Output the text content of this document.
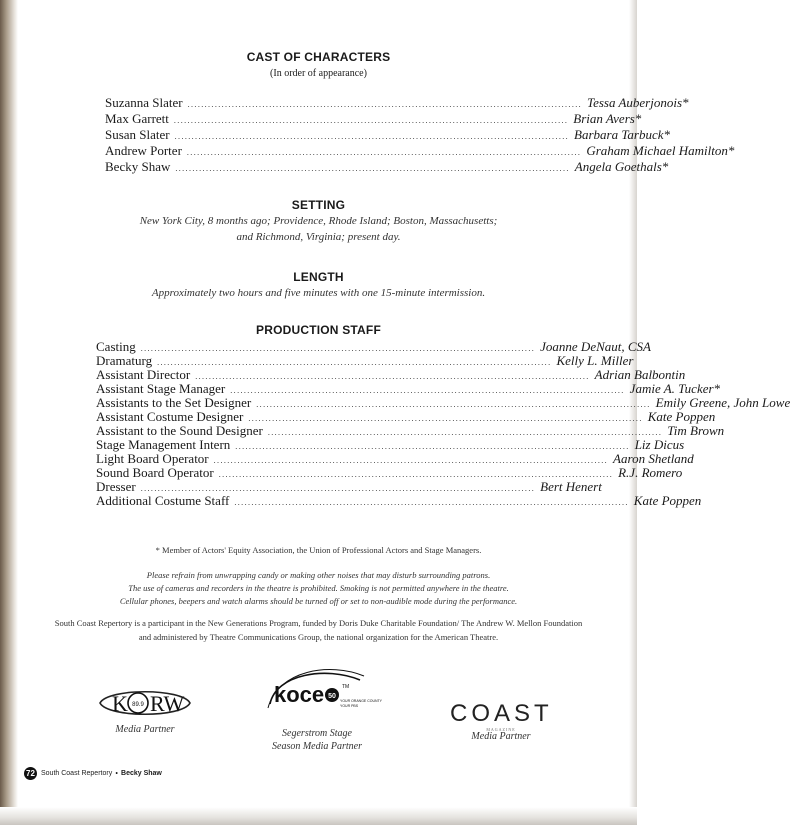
CAST OF CHARACTERS
(In order of appearance)
Suzanna Slater .................................................................................................................... Tessa Auberjonois*
Max Garrett .................................................................................................................... Brian Avers*
Susan Slater .................................................................................................................... Barbara Tarbuck*
Andrew Porter .................................................................................................................... Graham Michael Hamilton*
Becky Shaw .................................................................................................................... Angela Goethals*
SETTING
New York City, 8 months ago; Providence, Rhode Island; Boston, Massachusetts;
and Richmond, Virginia; present day.
LENGTH
Approximately two hours and five minutes with one 15-minute intermission.
PRODUCTION STAFF
Casting .................................................................................................................... Joanne DeNaut, CSA
Dramaturg .................................................................................................................... Kelly L. Miller
Assistant Director .................................................................................................................... Adrian Balbontin
Assistant Stage Manager .................................................................................................................... Jamie A. Tucker*
Assistants to the Set Designer .................................................................................................................... Emily Greene, John Lowe
Assistant Costume Designer .................................................................................................................... Kate Poppen
Assistant to the Sound Designer .................................................................................................................... Tim Brown
Stage Management Intern .................................................................................................................... Liz Dicus
Light Board Operator .................................................................................................................... Aaron Shetland
Sound Board Operator .................................................................................................................... R.J. Romero
Dresser .................................................................................................................... Bert Henert
Additional Costume Staff .................................................................................................................... Kate Poppen
* Member of Actors' Equity Association, the Union of Professional Actors and Stage Managers.
Please refrain from unwrapping candy or making other noises that may disturb surrounding patrons.
The use of cameras and recorders in the theatre is prohibited. Smoking is not permitted anywhere in the theatre.
Cellular phones, beepers and watch alarms should be turned off or set to non-audible mode during the performance.
South Coast Repertory is a participant in the New Generations Program, funded by Doris Duke Charitable Foundation/ The Andrew W. Mellon Foundation
and administered by Theatre Communications Group, the national organization for the American Theatre.
K 89.9 RW
Media Partner
koce 50
TM
YOUR ORANGE COUNTY
YOUR PBS
Segerstrom Stage
Season Media Partner
COAST
MAGAZINE
Media Partner
72 South Coast Repertory • Becky Shaw
